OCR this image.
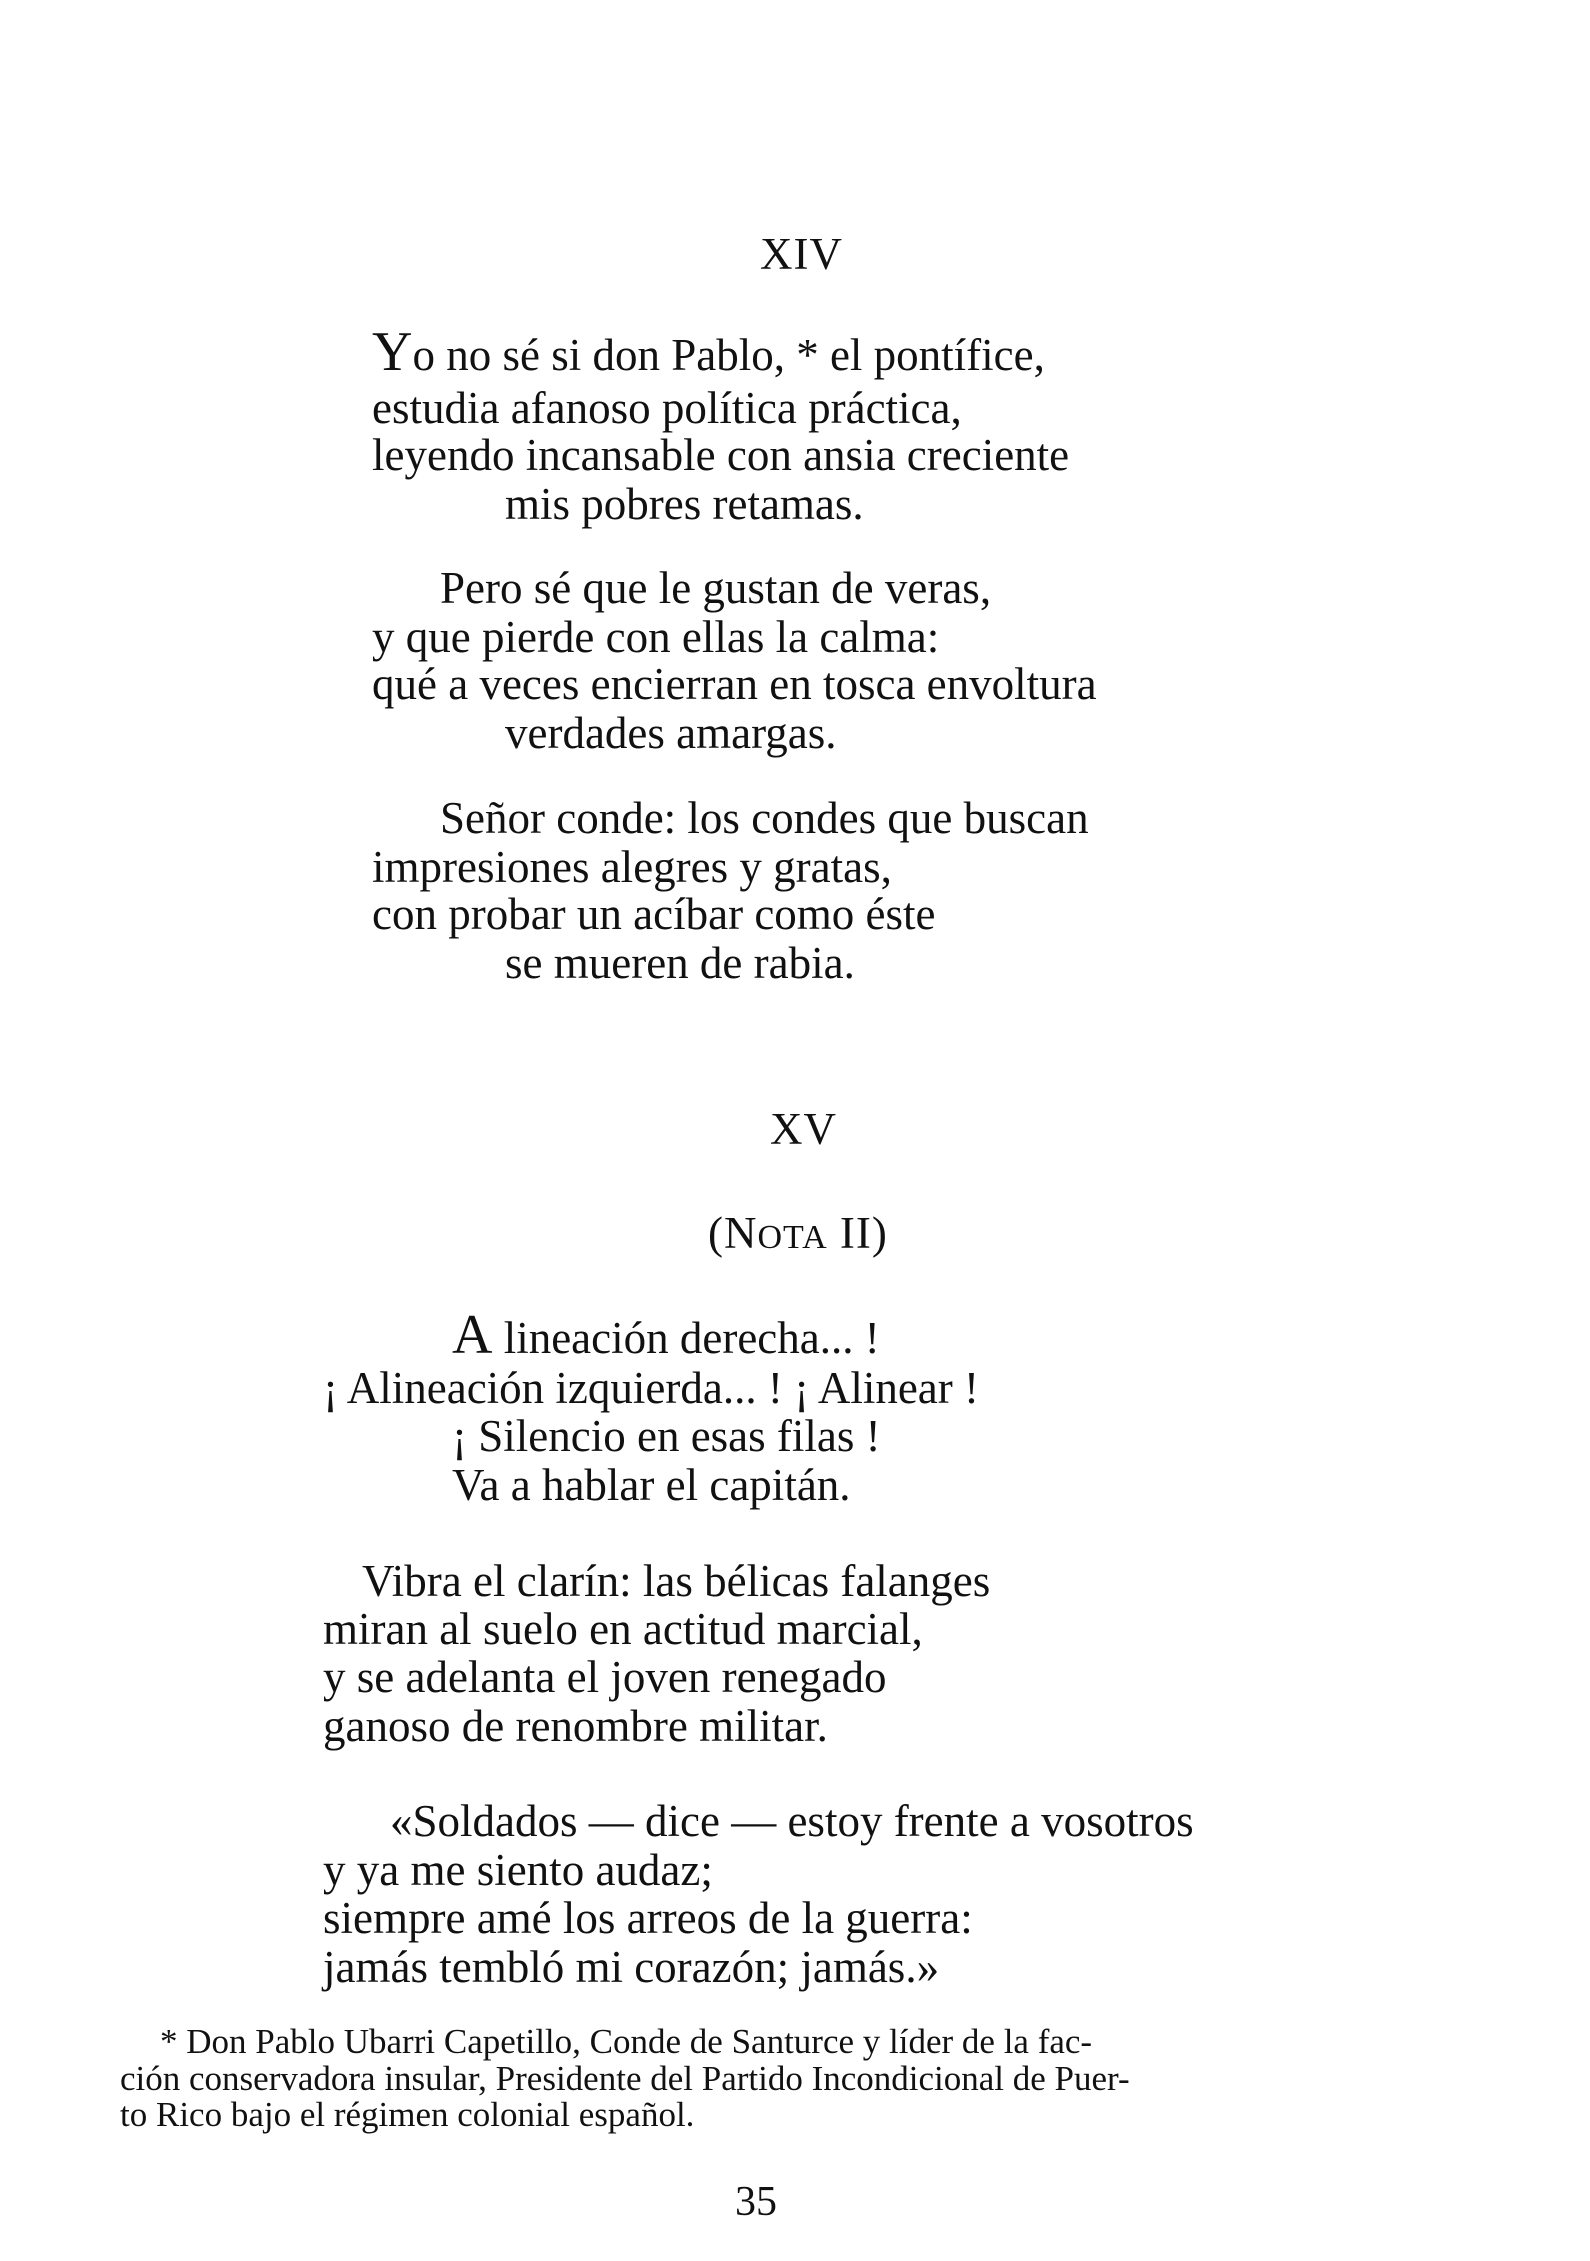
XIV
Yo no sé si don Pablo, * el pontífice,
estudia afanoso política práctica,
leyendo incansable con ansia creciente
mis pobres retamas.
Pero sé que le gustan de veras,
y que pierde con ellas la calma:
qué a veces encierran en tosca envoltura
verdades amargas.
Señor conde: los condes que buscan
impresiones alegres y gratas,
con probar un acíbar como éste
se mueren de rabia.
XV
(NOTA II)
A lineación derecha... !
¡ Alineación izquierda... ! ¡ Alinear !
¡ Silencio en esas filas !
Va a hablar el capitán.
Vibra el clarín: las bélicas falanges
miran al suelo en actitud marcial,
y se adelanta el joven renegado
ganoso de renombre militar.
«Soldados — dice — estoy frente a vosotros
y ya me siento audaz;
siempre amé los arreos de la guerra:
jamás tembló mi corazón; jamás.»
* Don Pablo Ubarri Capetillo, Conde de Santurce y líder de la fac-
ción conservadora insular, Presidente del Partido Incondicional de Puer-
to Rico bajo el régimen colonial español.
35
